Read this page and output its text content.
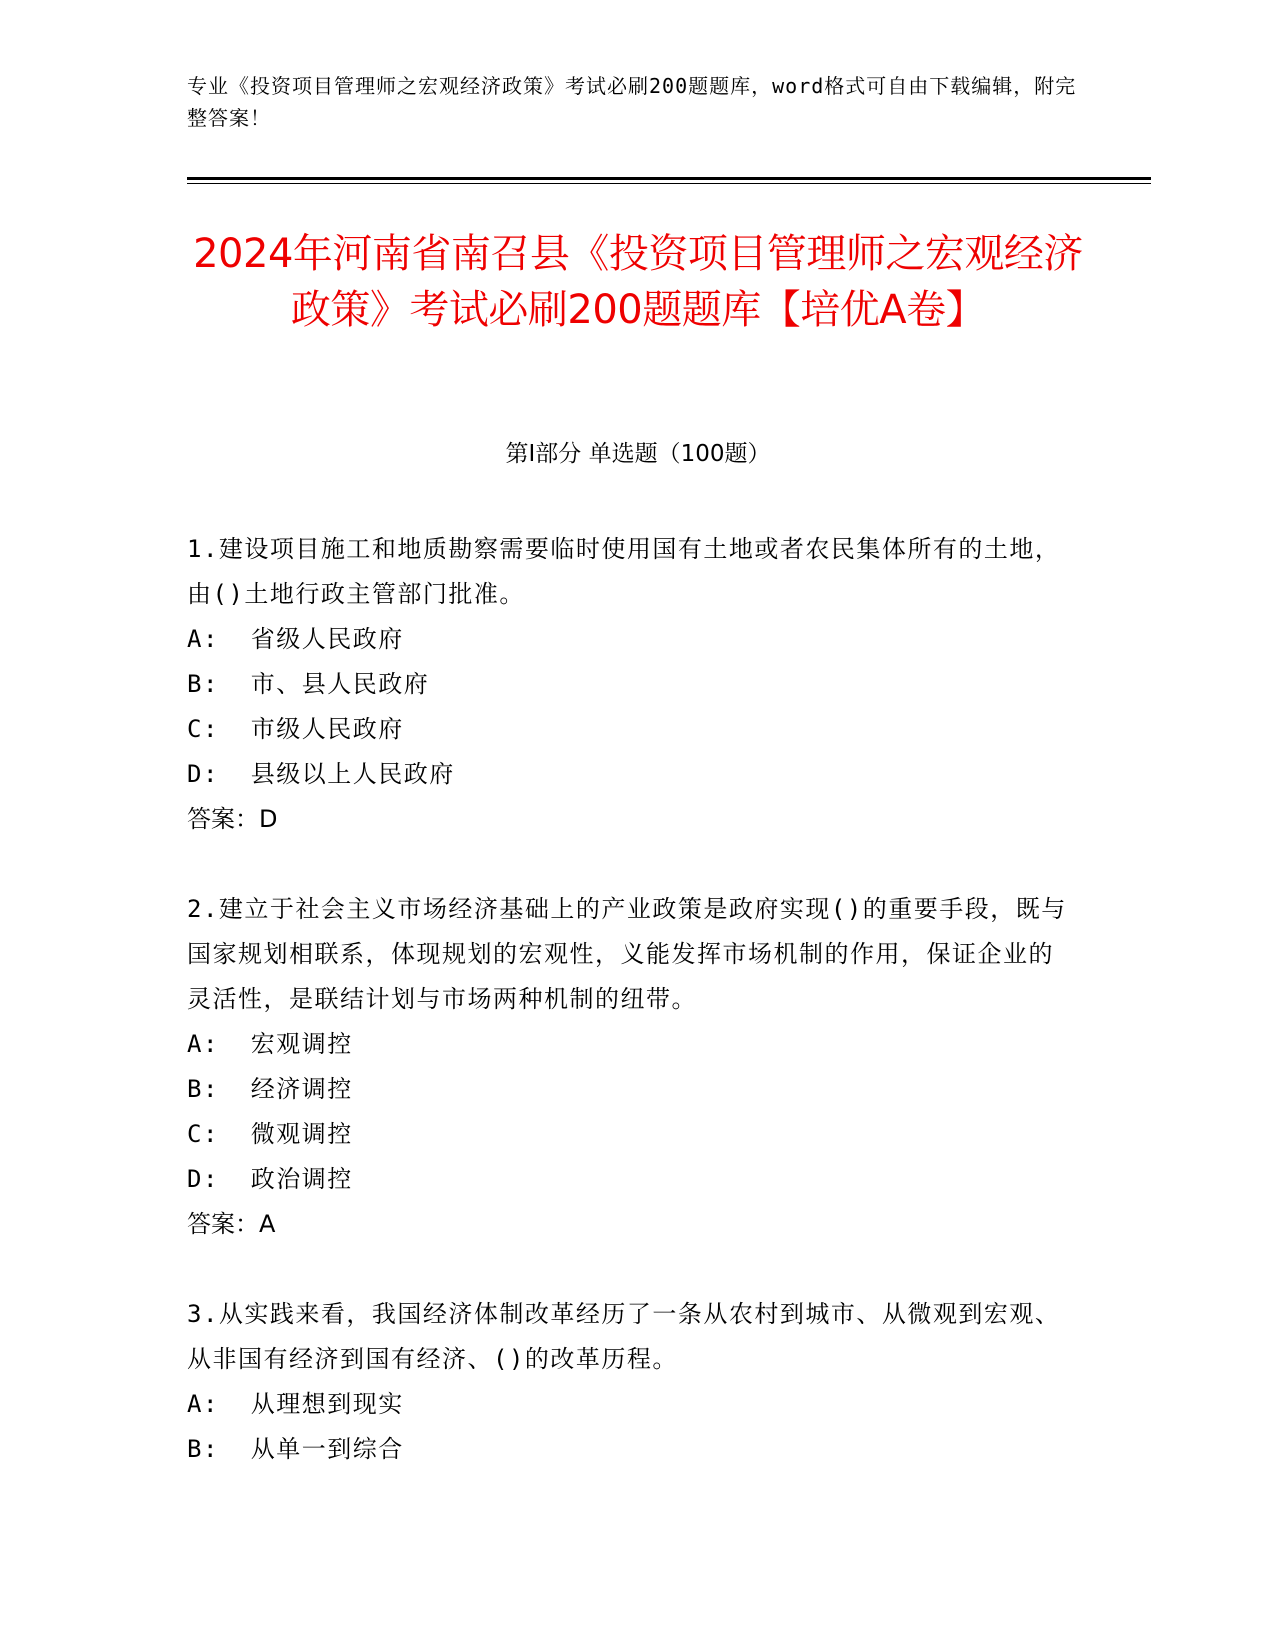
专业《投资项目管理师之宏观经济政策》考试必刷200题题库，word格式可自由下载编辑，附完整答案！
2024年河南省南召县《投资项目管理师之宏观经济政策》考试必刷200题题库【培优A卷】
第I部分 单选题（100题）

1.建设项目施工和地质勘察需要临时使用国有土地或者农民集体所有的土地，由()土地行政主管部门批准。

A:  省级人民政府

B:  市、县人民政府

C:  市级人民政府

D:  县级以上人民政府

答案：D

2.建立于社会主义市场经济基础上的产业政策是政府实现()的重要手段，既与国家规划相联系，体现规划的宏观性，义能发挥市场机制的作用，保证企业的灵活性，是联结计划与市场两种机制的纽带。

A:  宏观调控

B:  经济调控

C:  微观调控

D:  政治调控

答案：A

3.从实践来看，我国经济体制改革经历了一条从农村到城市、从微观到宏观、从非国有经济到国有经济、()的改革历程。

A:  从理想到现实

B:  从单一到综合
